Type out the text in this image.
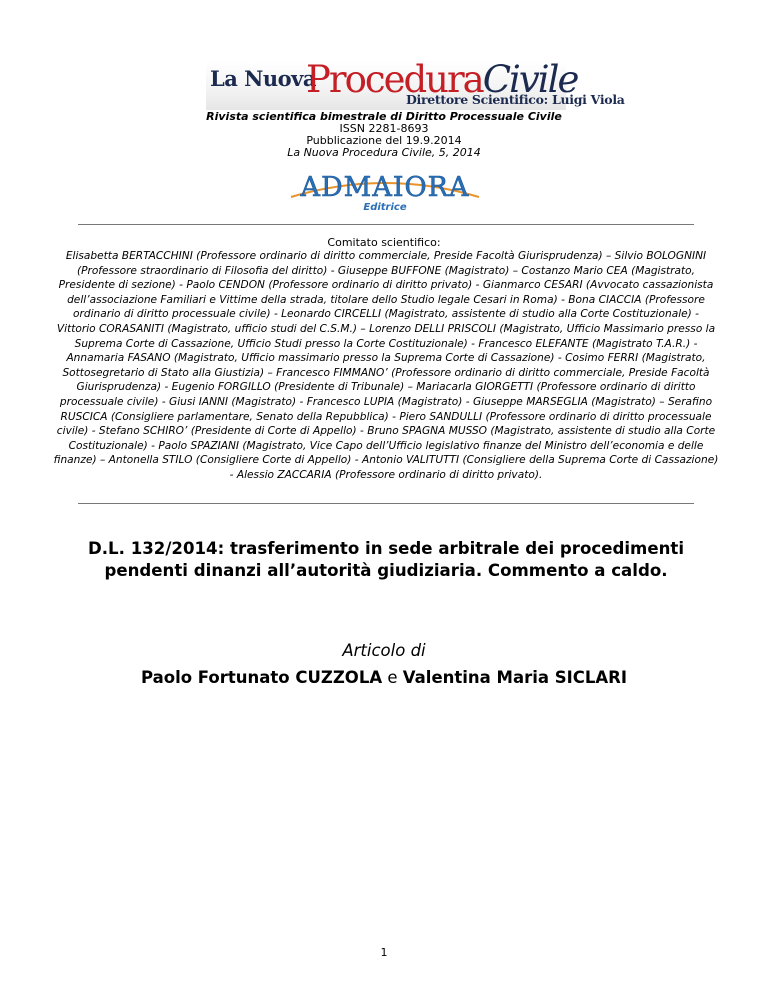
La Nuova
ProceduraCivile
Direttore Scientifico: Luigi Viola
Rivista scientifica bimestrale di Diritto Processuale Civile
ISSN 2281-8693
Pubblicazione del 19.9.2014
La Nuova Procedura Civile, 5, 2014
ADMAIORA
Editrice
Comitato scientifico:
Elisabetta BERTACCHINI (Professore ordinario di diritto commerciale, Preside Facoltà Giurisprudenza) – Silvio BOLOGNINI (Professore straordinario di Filosofia del diritto) - Giuseppe BUFFONE (Magistrato) – Costanzo Mario CEA (Magistrato, Presidente di sezione) - Paolo CENDON (Professore ordinario di diritto privato) - Gianmarco CESARI (Avvocato cassazionista dell’associazione Familiari e Vittime della strada, titolare dello Studio legale Cesari in Roma) - Bona CIACCIA (Professore ordinario di diritto processuale civile) - Leonardo CIRCELLI (Magistrato, assistente di studio alla Corte Costituzionale) - Vittorio CORASANITI (Magistrato, ufficio studi del C.S.M.) – Lorenzo DELLI PRISCOLI (Magistrato, Ufficio Massimario presso la Suprema Corte di Cassazione, Ufficio Studi presso la Corte Costituzionale) - Francesco ELEFANTE (Magistrato T.A.R.) - Annamaria FASANO (Magistrato, Ufficio massimario presso la Suprema Corte di Cassazione) - Cosimo FERRI (Magistrato, Sottosegretario di Stato alla Giustizia) – Francesco FIMMANO’ (Professore ordinario di diritto commerciale, Preside Facoltà Giurisprudenza) - Eugenio FORGILLO (Presidente di Tribunale) – Mariacarla GIORGETTI (Professore ordinario di diritto processuale civile) - Giusi IANNI (Magistrato) - Francesco LUPIA (Magistrato) - Giuseppe MARSEGLIA (Magistrato) – Serafino RUSCICA (Consigliere parlamentare, Senato della Repubblica) - Piero SANDULLI (Professore ordinario di diritto processuale civile) - Stefano SCHIRO’ (Presidente di Corte di Appello) - Bruno SPAGNA MUSSO (Magistrato, assistente di studio alla Corte Costituzionale) - Paolo SPAZIANI (Magistrato, Vice Capo dell’Ufficio legislativo finanze del Ministro dell’economia e delle finanze) – Antonella STILO (Consigliere Corte di Appello) - Antonio VALITUTTI (Consigliere della Suprema Corte di Cassazione) - Alessio ZACCARIA (Professore ordinario di diritto privato).
D.L. 132/2014: trasferimento in sede arbitrale dei procedimenti pendenti dinanzi all’autorità giudiziaria. Commento a caldo.
Articolo di
Paolo Fortunato CUZZOLA e Valentina Maria SICLARI
1
